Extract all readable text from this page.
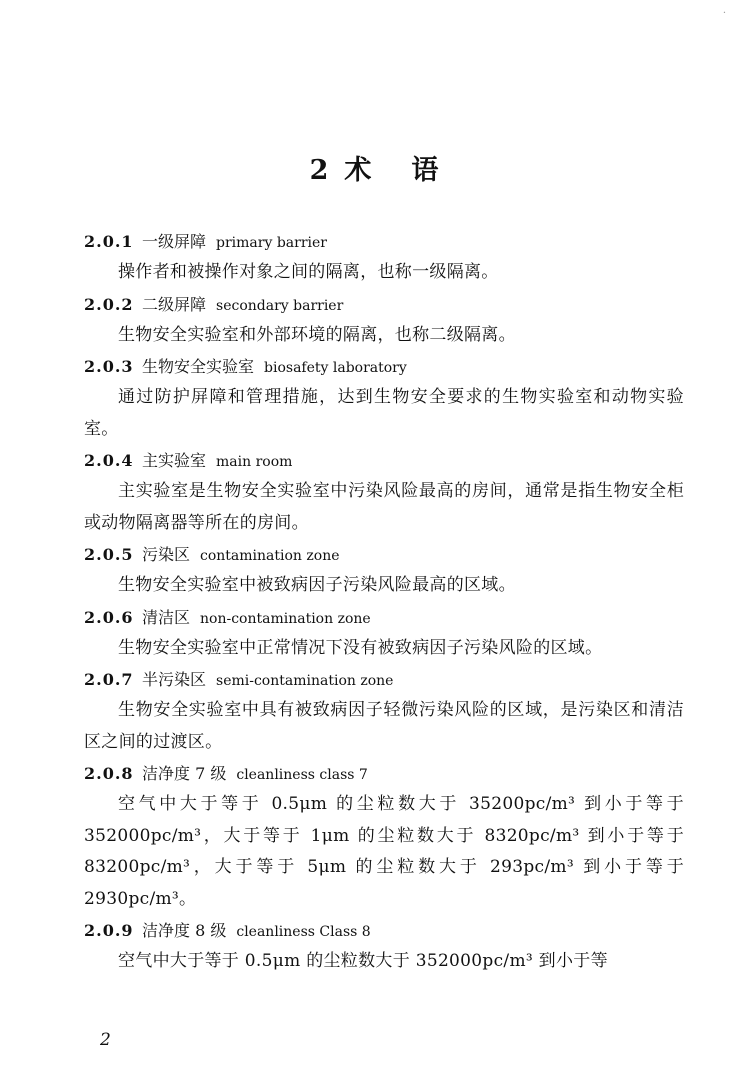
·
2 术 语
2.0.1 一级屏障 primary barrier

操作者和被操作对象之间的隔离，也称一级隔离。

2.0.2 二级屏障 secondary barrier

生物安全实验室和外部环境的隔离，也称二级隔离。

2.0.3 生物安全实验室 biosafety laboratory

通过防护屏障和管理措施，达到生物安全要求的生物实验室和动物实验室。

2.0.4 主实验室 main room

主实验室是生物安全实验室中污染风险最高的房间，通常是指生物安全柜或动物隔离器等所在的房间。

2.0.5 污染区 contamination zone

生物安全实验室中被致病因子污染风险最高的区域。

2.0.6 清洁区 non-contamination zone

生物安全实验室中正常情况下没有被致病因子污染风险的区域。

2.0.7 半污染区 semi-contamination zone

生物安全实验室中具有被致病因子轻微污染风险的区域，是污染区和清洁区之间的过渡区。

2.0.8 洁净度 7 级 cleanliness class 7

空气中大于等于 0.5μm 的尘粒数大于 35200pc/m³ 到小于等于 352000pc/m³，大于等于 1μm 的尘粒数大于 8320pc/m³ 到小于等于 83200pc/m³，大于等于 5μm 的尘粒数大于 293pc/m³ 到小于等于 2930pc/m³。

2.0.9 洁净度 8 级 cleanliness Class 8

空气中大于等于 0.5μm 的尘粒数大于 352000pc/m³ 到小于等

2
